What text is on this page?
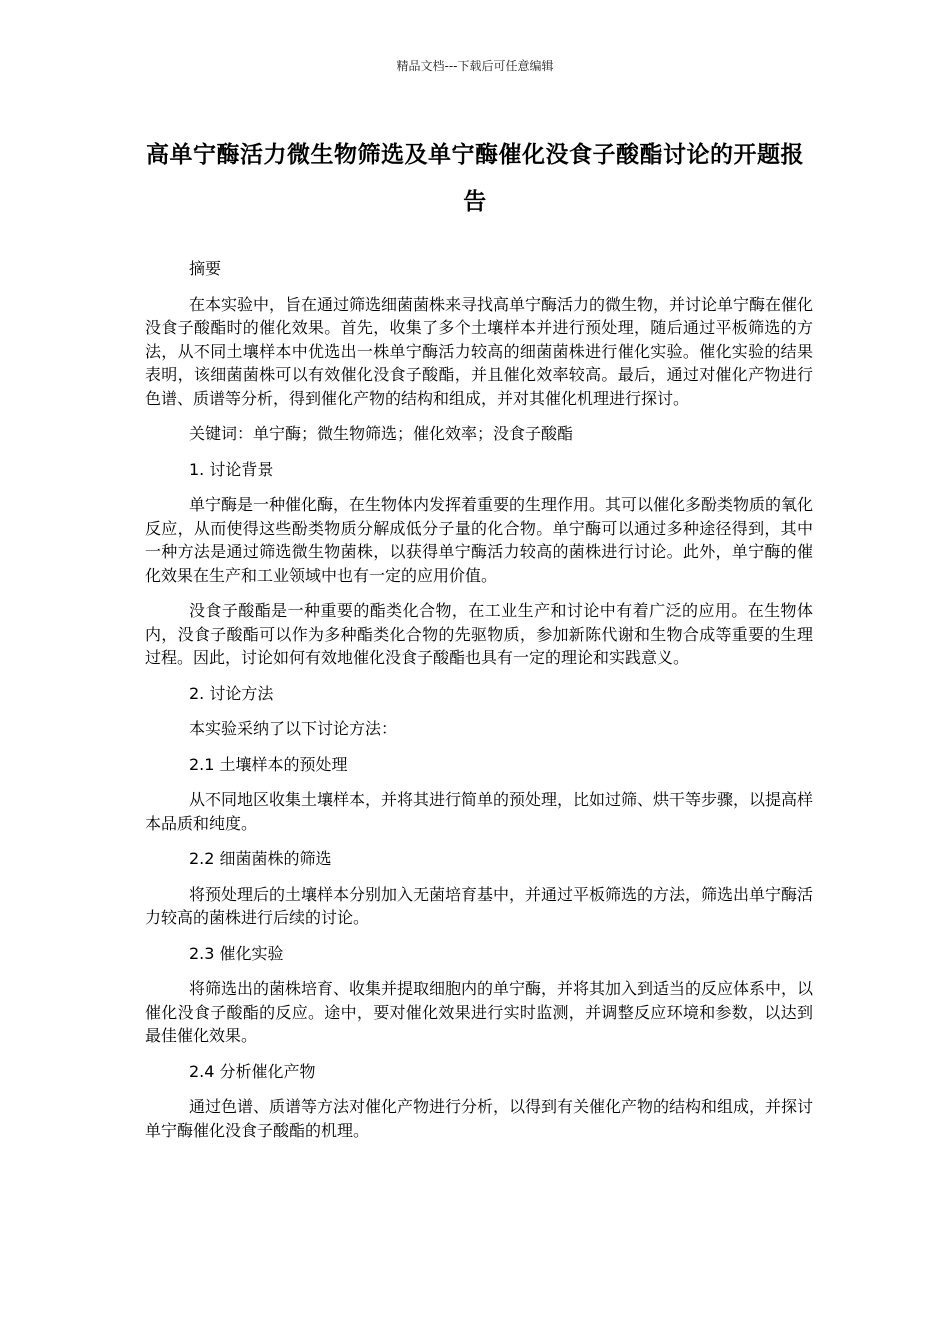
精品文档---下载后可任意编辑
高单宁酶活力微生物筛选及单宁酶催化没食子酸酯讨论的开题报告
摘要
在本实验中，旨在通过筛选细菌菌株来寻找高单宁酶活力的微生物，并讨论单宁酶在催化没食子酸酯时的催化效果。首先，收集了多个土壤样本并进行预处理，随后通过平板筛选的方法，从不同土壤样本中优选出一株单宁酶活力较高的细菌菌株进行催化实验。催化实验的结果表明，该细菌菌株可以有效催化没食子酸酯，并且催化效率较高。最后，通过对催化产物进行色谱、质谱等分析，得到催化产物的结构和组成，并对其催化机理进行探讨。
关键词：单宁酶；微生物筛选；催化效率；没食子酸酯
1. 讨论背景
单宁酶是一种催化酶，在生物体内发挥着重要的生理作用。其可以催化多酚类物质的氧化反应，从而使得这些酚类物质分解成低分子量的化合物。单宁酶可以通过多种途径得到，其中一种方法是通过筛选微生物菌株，以获得单宁酶活力较高的菌株进行讨论。此外，单宁酶的催化效果在生产和工业领域中也有一定的应用价值。
没食子酸酯是一种重要的酯类化合物，在工业生产和讨论中有着广泛的应用。在生物体内，没食子酸酯可以作为多种酯类化合物的先驱物质，参加新陈代谢和生物合成等重要的生理过程。因此，讨论如何有效地催化没食子酸酯也具有一定的理论和实践意义。
2. 讨论方法
本实验采纳了以下讨论方法：
2.1 土壤样本的预处理
从不同地区收集土壤样本，并将其进行简单的预处理，比如过筛、烘干等步骤，以提高样本品质和纯度。
2.2 细菌菌株的筛选
将预处理后的土壤样本分别加入无菌培育基中，并通过平板筛选的方法，筛选出单宁酶活力较高的菌株进行后续的讨论。
2.3 催化实验
将筛选出的菌株培育、收集并提取细胞内的单宁酶，并将其加入到适当的反应体系中，以催化没食子酸酯的反应。途中，要对催化效果进行实时监测，并调整反应环境和参数，以达到最佳催化效果。
2.4 分析催化产物
通过色谱、质谱等方法对催化产物进行分析，以得到有关催化产物的结构和组成，并探讨单宁酶催化没食子酸酯的机理。
